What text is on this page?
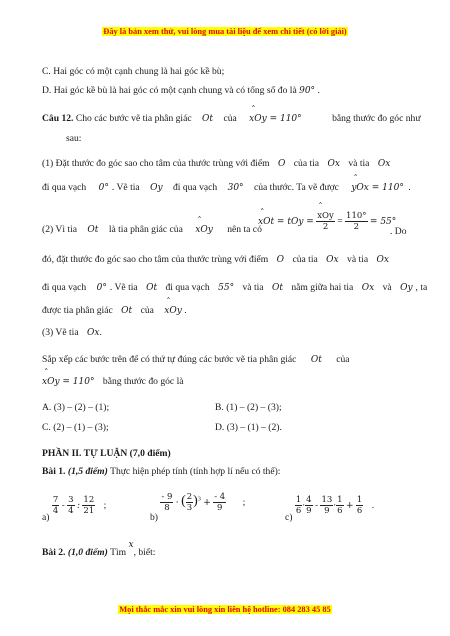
Đây là bản xem thử, vui lòng mua tài liệu để xem chi tiết (có lời giải)
C. Hai góc có một cạnh chung là hai góc kề bù;
D. Hai góc kề bù là hai góc có một cạnh chung và có tổng số đo là 90° .
Câu 12. Cho các bước vẽ tia phân giác Ot của ˆ xOy = 110°	bằng thước đo góc như
sau:
(1) Đặt thước đo góc sao cho tâm của thước trùng với điểm O của tia Ox và tia Ox
đi qua vạch 0° . Vẽ tia Oy đi qua vạch 30° của thước. Ta vẽ được ˆ yOx = 110° .
(2) Vì tia Ot là tia phân giác của ˆ xOy nên ta có
ˆ xOt = tOy = ˆ $\frac{\text{xOy}}{2} = \frac{110^\circ}{2} = 55^\circ$
. Do
đó, đặt thước đo góc sao cho tâm của thước trùng với điểm O của tia Ox và tia Ox
đi qua vạch 0° . Vẽ tia Ot đi qua vạch 55° và tia Ot nằm giữa hai tia Ox và Oy , ta
được tia phân giác Ot của ˆ xOy .
(3) Vẽ tia Ox.
Sắp xếp các bước trên để có thứ tự đúng các bước vẽ tia phân giác Ot của
ˆ xOy = 110° bằng thước đo góc là
A. (3) – (2) – (1);	B. (1) – (2) – (3);
C. (2) – (1) – (3);	D. (3) – (1) – (2).
PHẦN II. TỰ LUẬN (7,0 điểm)
Bài 1. (1,5 điểm) Thực hiện phép tính (tính hợp lí nếu có thể):
a)
$\frac{7}{4} - \frac{3}{4}$ : $\frac{12}{21}$ ;
b)
$\frac{- 9}{8}$ · ( $\frac{2}{3} )^3 + \frac{- 4}{9}$ ;
c)
$\frac{1}{6} \cdot \frac{4}{9} - \frac{13}{9} \cdot \frac{1}{6} + \frac{1}{6}$ .
Bài 2. (1,0 điểm) Tìm x, biết:
Mọi thắc mắc xin vui lòng xin liên hệ hotline: 084 283 45 85
